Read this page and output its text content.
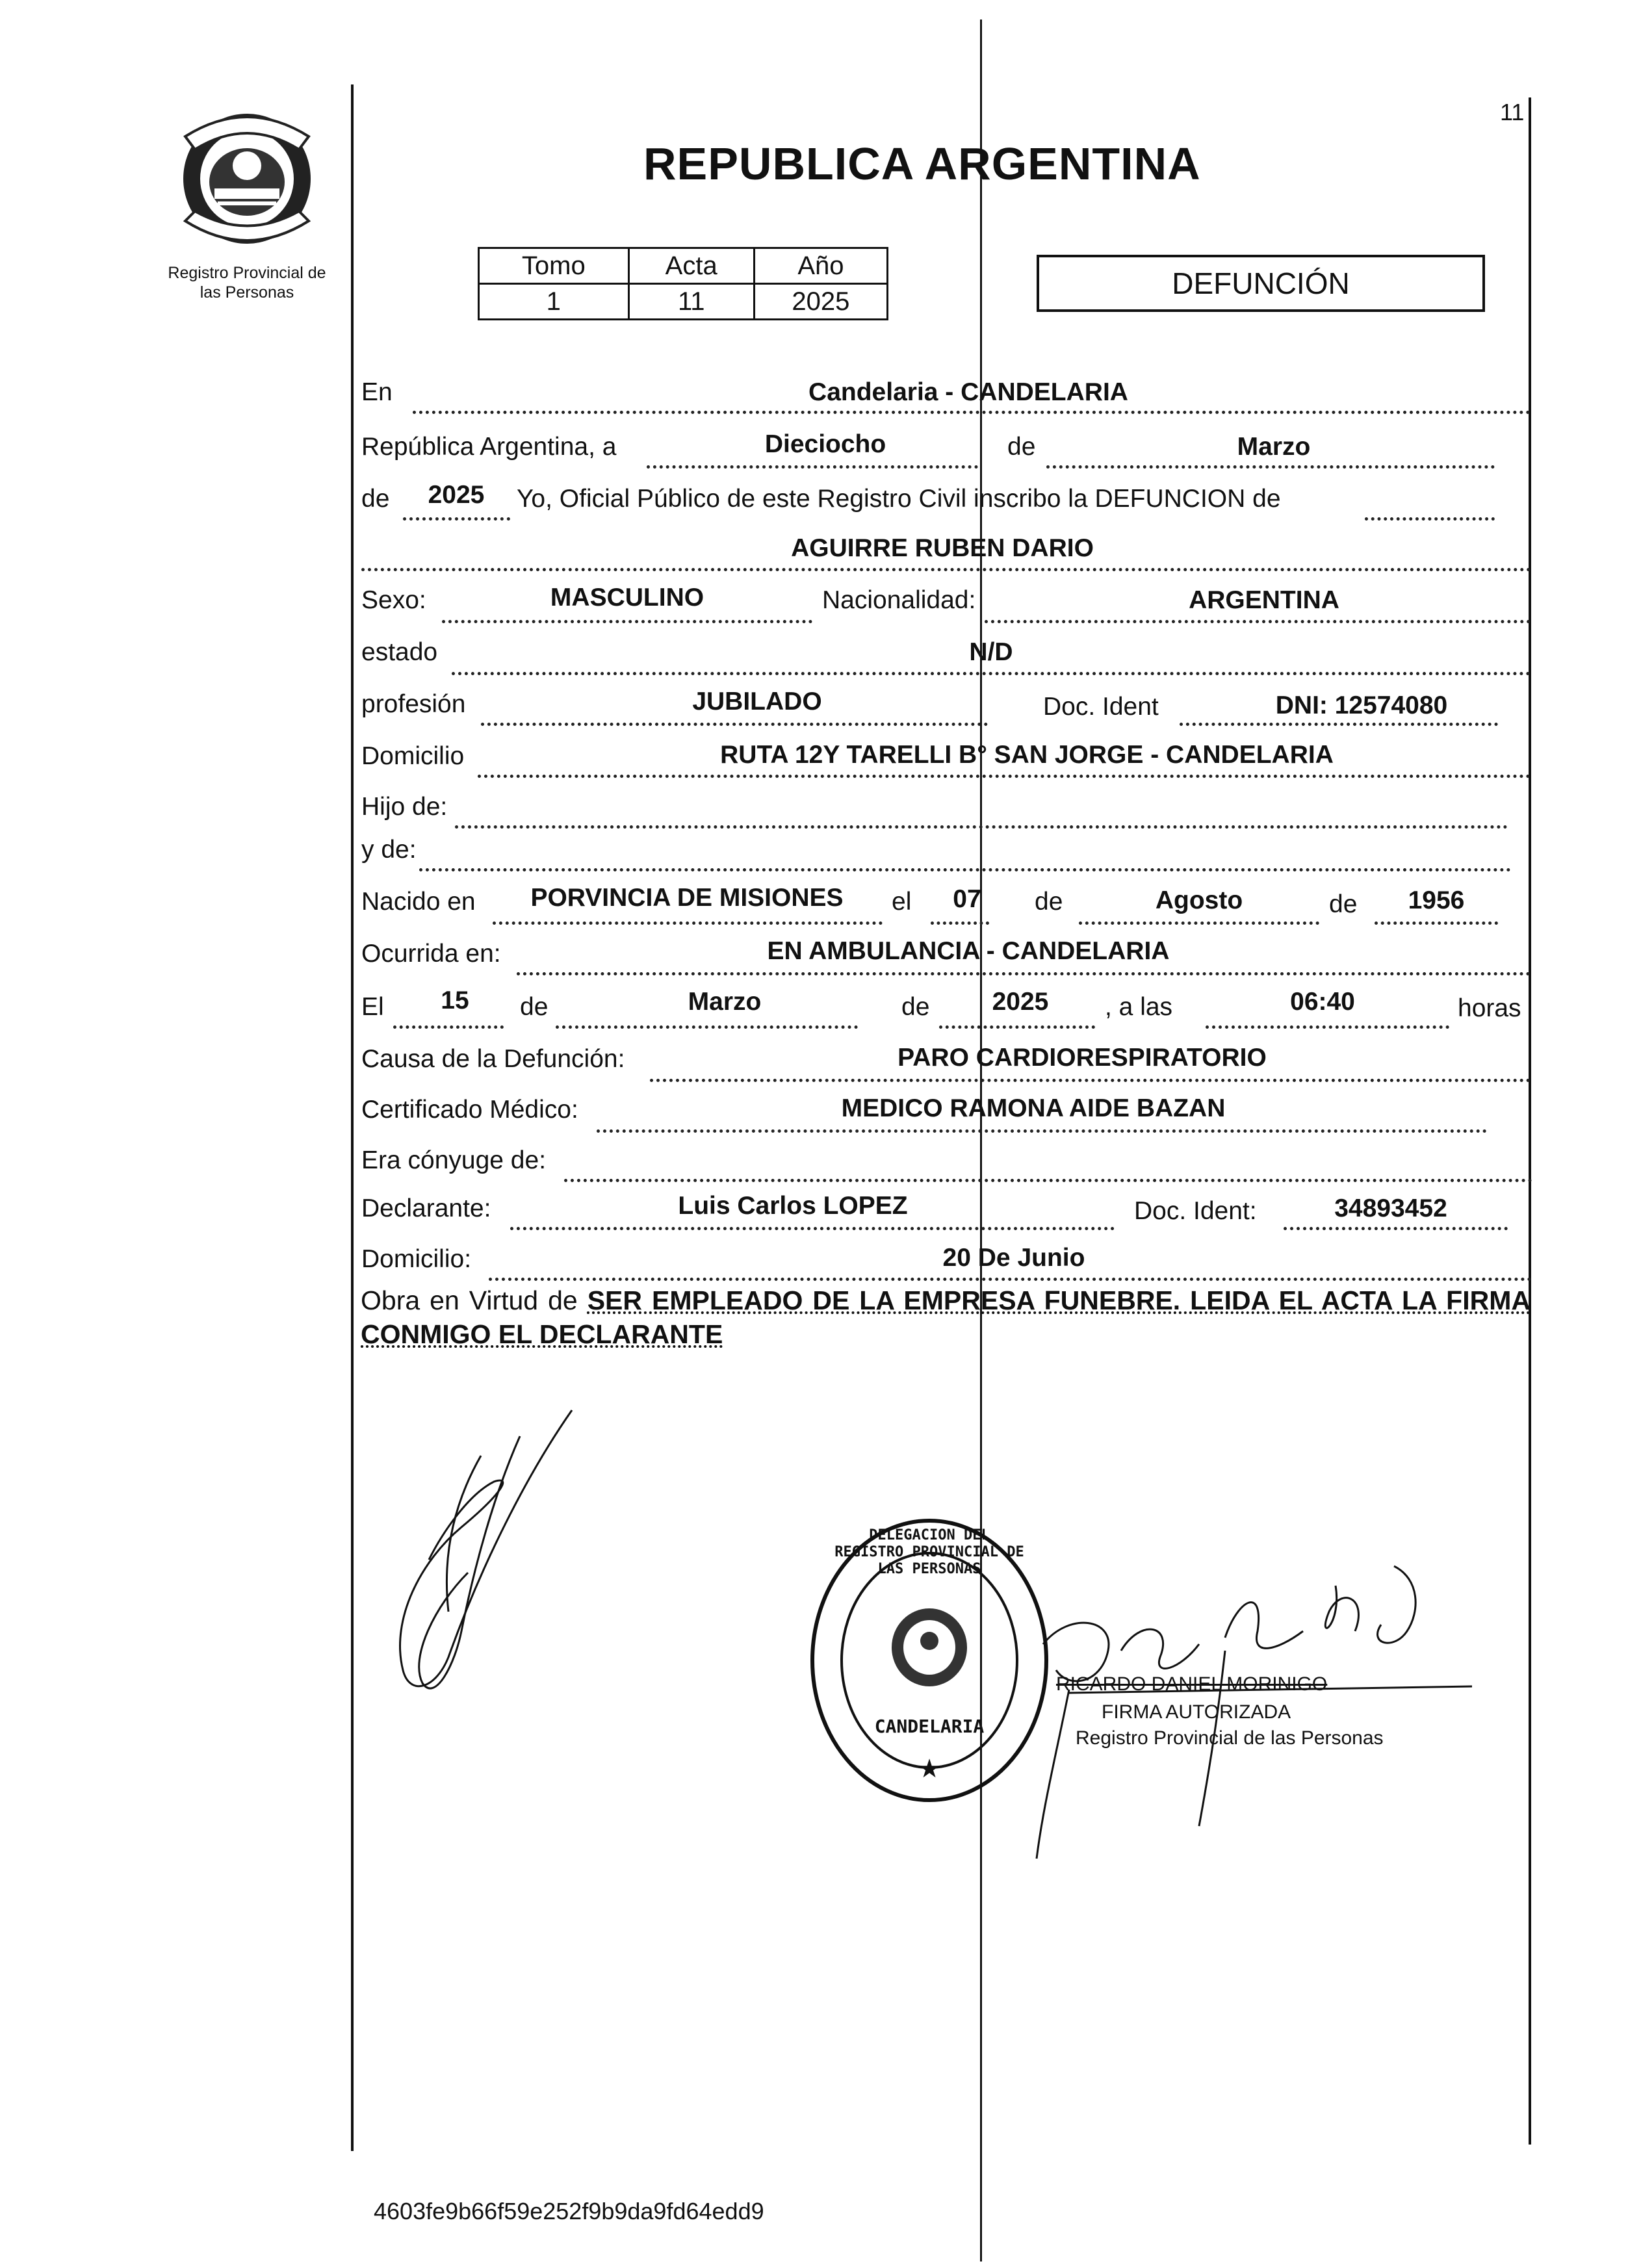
Registro Provincial de
las Personas
11
REPUBLICA ARGENTINA
Tomo	Acta	Año
1	11	2025
DEFUNCIÓN
En	Candelaria - CANDELARIA
República Argentina, a	Dieciocho	de	Marzo
de 2025 Yo, Oficial Público de este Registro Civil inscribo la DEFUNCION de
AGUIRRE RUBEN DARIO
Sexo:	MASCULINO	Nacionalidad:	ARGENTINA
estado	N/D
profesión	JUBILADO	Doc. Ident	DNI: 12574080
Domicilio	RUTA 12Y TARELLI B° SAN JORGE - CANDELARIA
Hijo de:
y de:
Nacido en PORVINCIA DE MISIONES el 07 de	Agosto	de 1956
Ocurrida en:	EN AMBULANCIA - CANDELARIA
El 15 de	Marzo	de 2025 , a las	06:40	horas
Causa de la Defunción:	PARO CARDIORESPIRATORIO
Certificado Médico:	MEDICO RAMONA AIDE BAZAN
Era cónyuge de:
Declarante:	Luis Carlos LOPEZ	Doc. Ident:	34893452
Domicilio:	20 De Junio
Obra en Virtud de SER EMPLEADO DE LA EMPRESA FUNEBRE. LEIDA EL ACTA LA FIRMA CONMIGO EL DECLARANTE
★
DELEGACION DEL REGISTRO PROVINCIAL DE LAS PERSONAS
CANDELARIA
RICARDO DANIEL MORINIGO
FIRMA AUTORIZADA
Registro Provincial de las Personas
4603fe9b66f59e252f9b9da9fd64edd9
